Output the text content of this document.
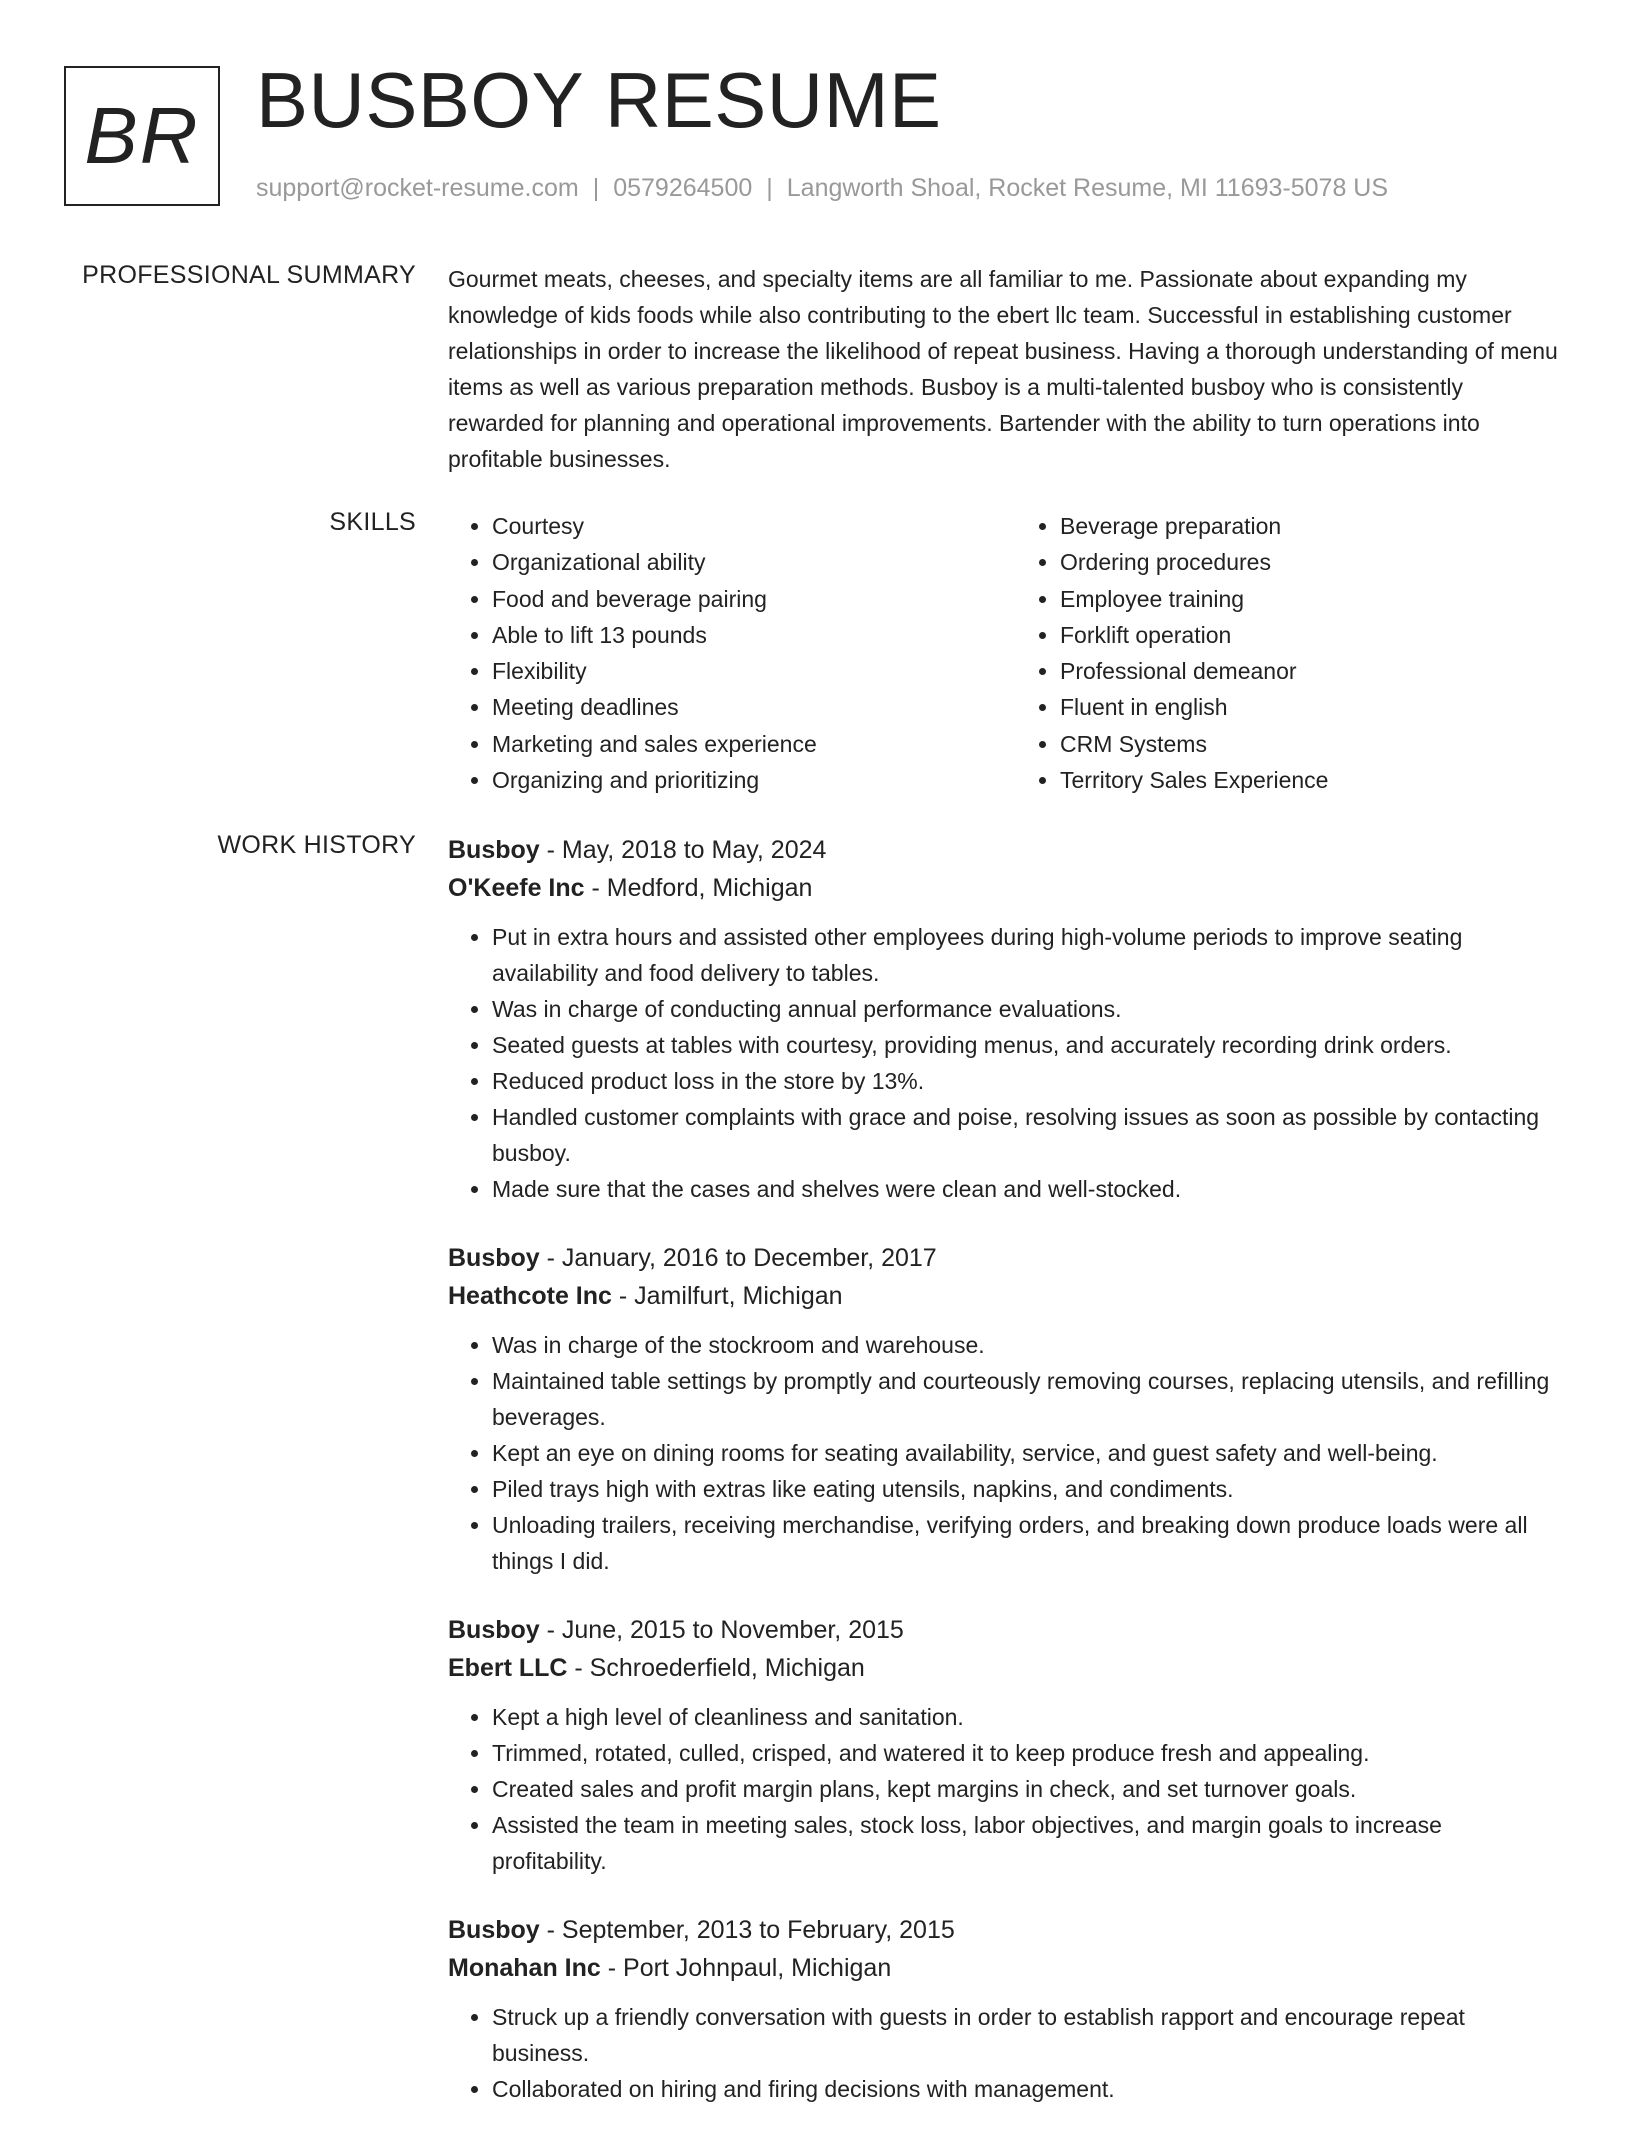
BR BUSBOY RESUME
support@rocket-resume.com | 0579264500 | Langworth Shoal, Rocket Resume, MI 11693-5078 US
PROFESSIONAL SUMMARY Gourmet meats, cheeses, and specialty items are all familiar to me. Passionate about expanding my knowledge of kids foods while also contributing to the ebert llc team. Successful in establishing customer relationships in order to increase the likelihood of repeat business. Having a thorough understanding of menu items as well as various preparation methods. Busboy is a multi-talented busboy who is consistently rewarded for planning and operational improvements. Bartender with the ability to turn operations into profitable businesses.

SKILLS
•	Courtesy
• Organizational ability
• Food and beverage pairing
• Able to lift 13 pounds
• Flexibility
• Meeting deadlines
• Marketing and sales experience
• Organizing and prioritizing
• Beverage preparation
• Ordering procedures
• Employee training
• Forklift operation
• Professional demeanor
• Fluent in english
• CRM Systems
• Territory Sales Experience
WORK HISTORY Busboy - May, 2018 to May, 2024
O'Keefe Inc - Medford, Michigan
• Put in extra hours and assisted other employees during high-volume periods to improve seating availability and food delivery to tables.
• Was in charge of conducting annual performance evaluations.
• Seated guests at tables with courtesy, providing menus, and accurately recording drink orders.
• Reduced product loss in the store by 13%.
• Handled customer complaints with grace and poise, resolving issues as soon as possible by contacting busboy.
• Made sure that the cases and shelves were clean and well-stocked.
Busboy - January, 2016 to December, 2017
Heathcote Inc - Jamilfurt, Michigan
• Was in charge of the stockroom and warehouse.
• Maintained table settings by promptly and courteously removing courses, replacing utensils, and refilling beverages.
• Kept an eye on dining rooms for seating availability, service, and guest safety and well-being.
• Piled trays high with extras like eating utensils, napkins, and condiments.
• Unloading trailers, receiving merchandise, verifying orders, and breaking down produce loads were all things I did.
Busboy - June, 2015 to November, 2015
Ebert LLC - Schroederfield, Michigan
• Kept a high level of cleanliness and sanitation.
• Trimmed, rotated, culled, crisped, and watered it to keep produce fresh and appealing.
• Created sales and profit margin plans, kept margins in check, and set turnover goals.
• Assisted the team in meeting sales, stock loss, labor objectives, and margin goals to increase profitability.
Busboy - September, 2013 to February, 2015
Monahan Inc - Port Johnpaul, Michigan
• Struck up a friendly conversation with guests in order to establish rapport and encourage repeat business.
• Collaborated on hiring and firing decisions with management.
